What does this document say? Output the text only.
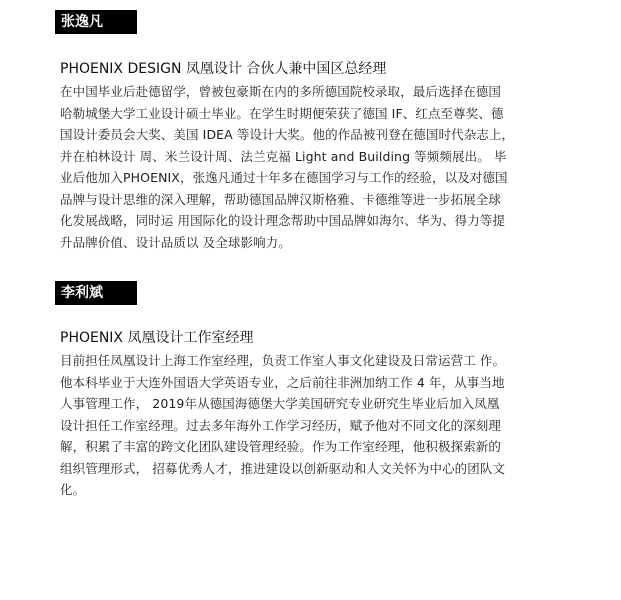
张逸凡
PHOENIX DESIGN 凤凰设计 合伙人兼中国区总经理
在中国毕业后赴德留学，曾被包豪斯在内的多所德国院校录取，最后选择在德国
哈勒城堡大学工业设计硕士毕业。在学生时期便荣获了德国 IF、红点至尊奖、德
国设计委员会大奖、美国 IDEA 等设计大奖。他的作品被刊登在德国时代杂志上，
并在柏林设计 周、米兰设计周、法兰克福 Light and Building 等频频展出。 毕
业后他加入PHOENIX，张逸凡通过十年多在德国学习与工作的经验，以及对德国
品牌与设计思维的深入理解，帮助德国品牌汉斯格雅、卡德维等进一步拓展全球
化发展战略，同时运 用国际化的设计理念帮助中国品牌如海尔、华为、得力等提
升品牌价值、设计品质以 及全球影响力。
李利斌
PHOENIX 凤凰设计工作室经理
目前担任凤凰设计上海工作室经理，负责工作室人事文化建设及日常运营工 作。
他本科毕业于大连外国语大学英语专业，之后前往非洲加纳工作 4 年，从事当地
人事管理工作， 2019年从德国海德堡大学美国研究专业研究生毕业后加入凤凰
设计担任工作室经理。过去多年海外工作学习经历，赋予他对不同文化的深刻理
解，积累了丰富的跨文化团队建设管理经验。作为工作室经理，他积极探索新的
组织管理形式， 招募优秀人才，推进建设以创新驱动和人文关怀为中心的团队文
化。
